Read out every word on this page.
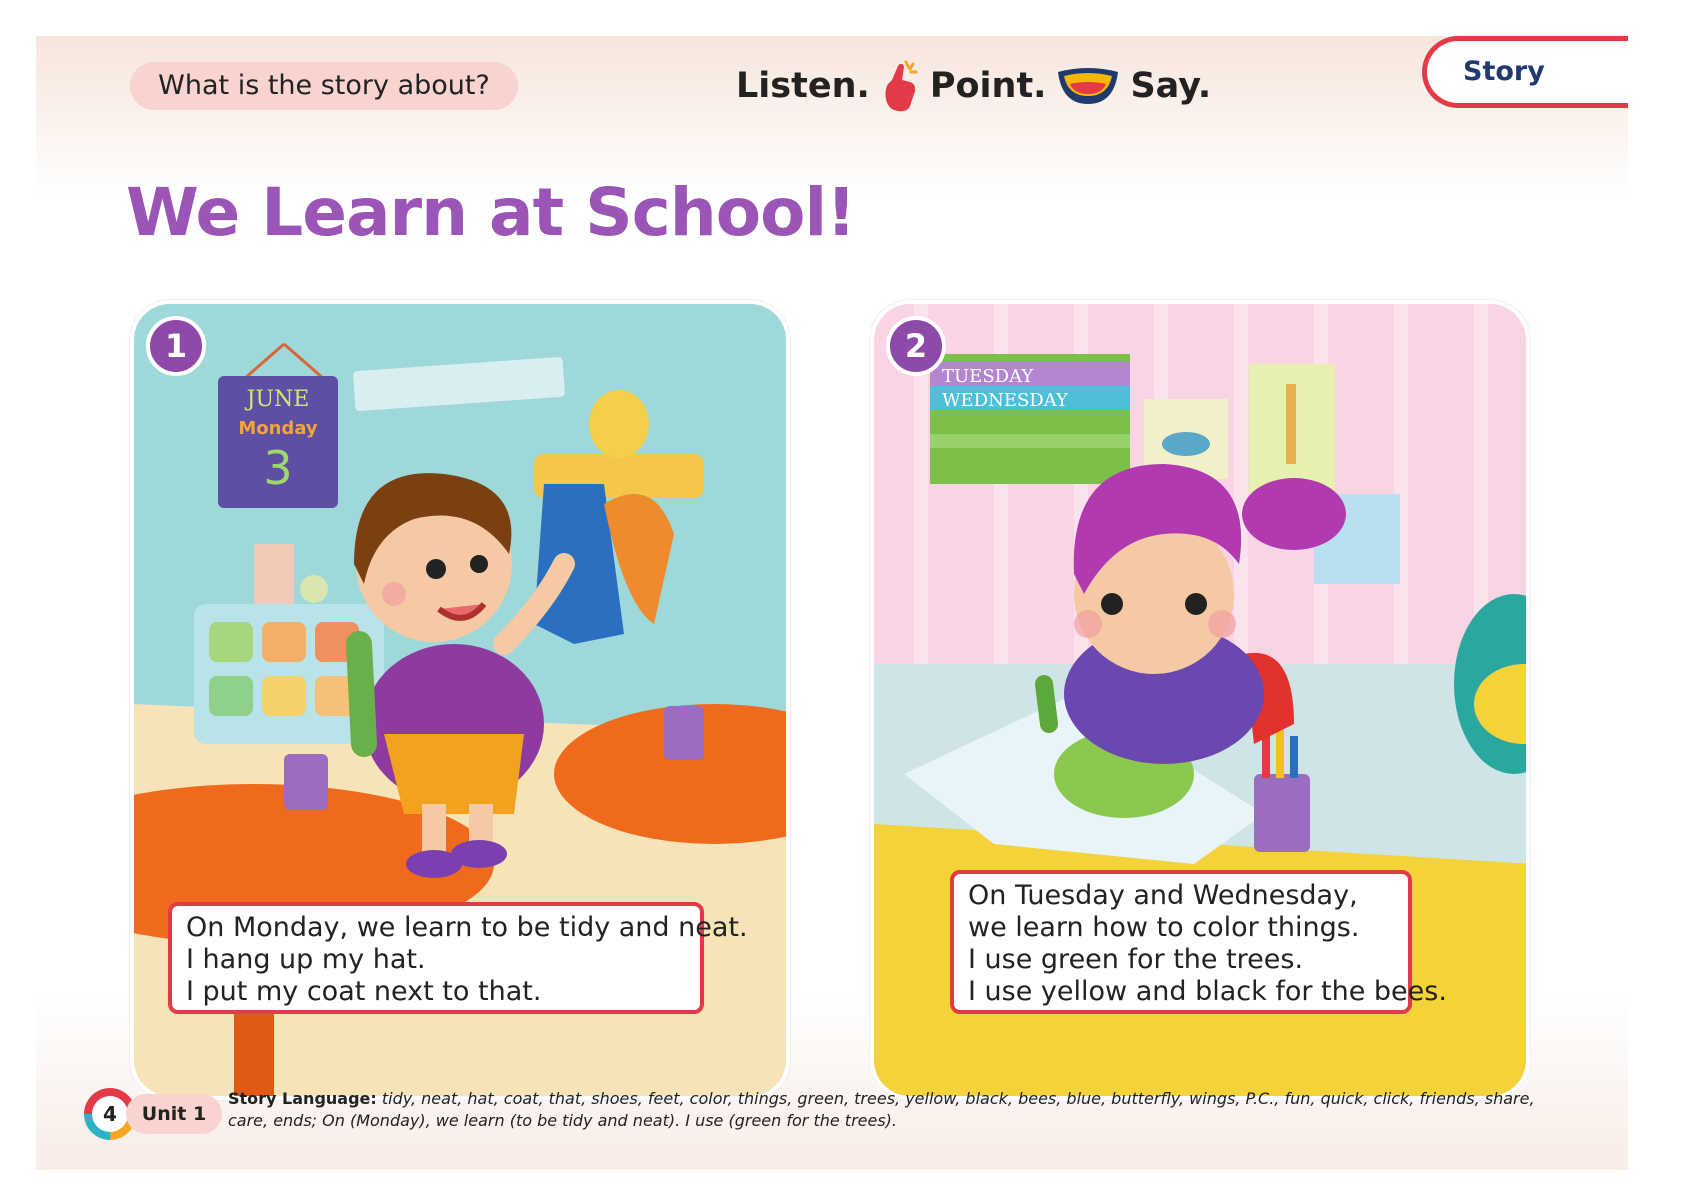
What is the story about?	Listen. Point. Say.	Story
We Learn at School!
JUNE
Monday
3
1
On Monday, we learn to be tidy and neat.
I hang up my hat.
I put my coat next to that.
TUESDAY
WEDNESDAY
2
On Tuesday and Wednesday,
we learn how to color things.
I use green for the trees.
I use yellow and black for the bees.
4	Unit 1
Story Language: tidy, neat, hat, coat, that, shoes, feet, color, things, green, trees, yellow, black, bees, blue, butterfly, wings, P.C., fun, quick, click, friends, share, care, ends; On (Monday), we learn (to be tidy and neat). I use (green for the trees).
